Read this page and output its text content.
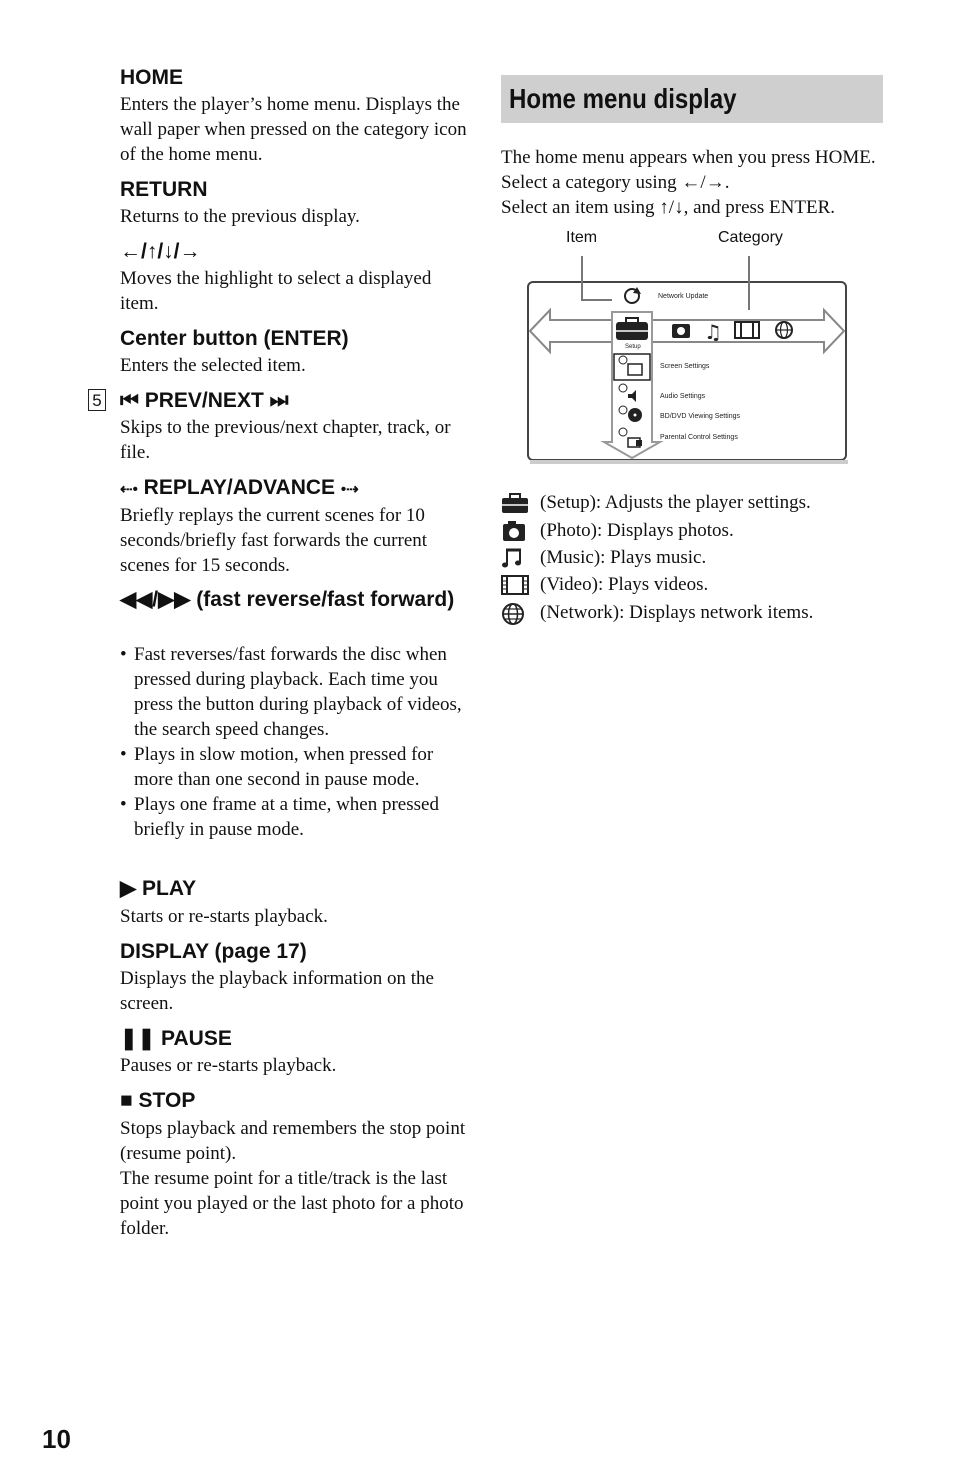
HOME
Enters the player’s home menu. Displays the wall paper when pressed on the category icon of the home menu.
RETURN
Returns to the previous display.
←/↑/↓/→
Moves the highlight to select a displayed item.
Center button (ENTER)
Enters the selected item.
5 ⏮ PREV/NEXT ⏭
Skips to the previous/next chapter, track, or file.
⇠• REPLAY/ADVANCE •⇢
Briefly replays the current scenes for 10 seconds/briefly fast forwards the current scenes for 15 seconds.
◀◀/▶▶ (fast reverse/fast forward)
• Fast reverses/fast forwards the disc when pressed during playback. Each time you press the button during playback of videos, the search speed changes.
• Plays in slow motion, when pressed for more than one second in pause mode.
• Plays one frame at a time, when pressed briefly in pause mode.
▶ PLAY
Starts or re-starts playback.
DISPLAY (page 17)
Displays the playback information on the screen.
❚❚ PAUSE
Pauses or re-starts playback.
■ STOP
Stops playback and remembers the stop point (resume point).
The resume point for a title/track is the last point you played or the last photo for a photo folder.
Home menu display
The home menu appears when you press HOME. Select a category using ←/→.
Select an item using ↑/↓, and press ENTER.
Item	Category
Network Update
Setup
♫
Screen Settings
Audio Settings
BD/DVD Viewing Settings
Parental Control Settings
(Setup): Adjusts the player settings.
(Photo): Displays photos.
(Music): Plays music.
(Video): Plays videos.
(Network): Displays network items.
10
